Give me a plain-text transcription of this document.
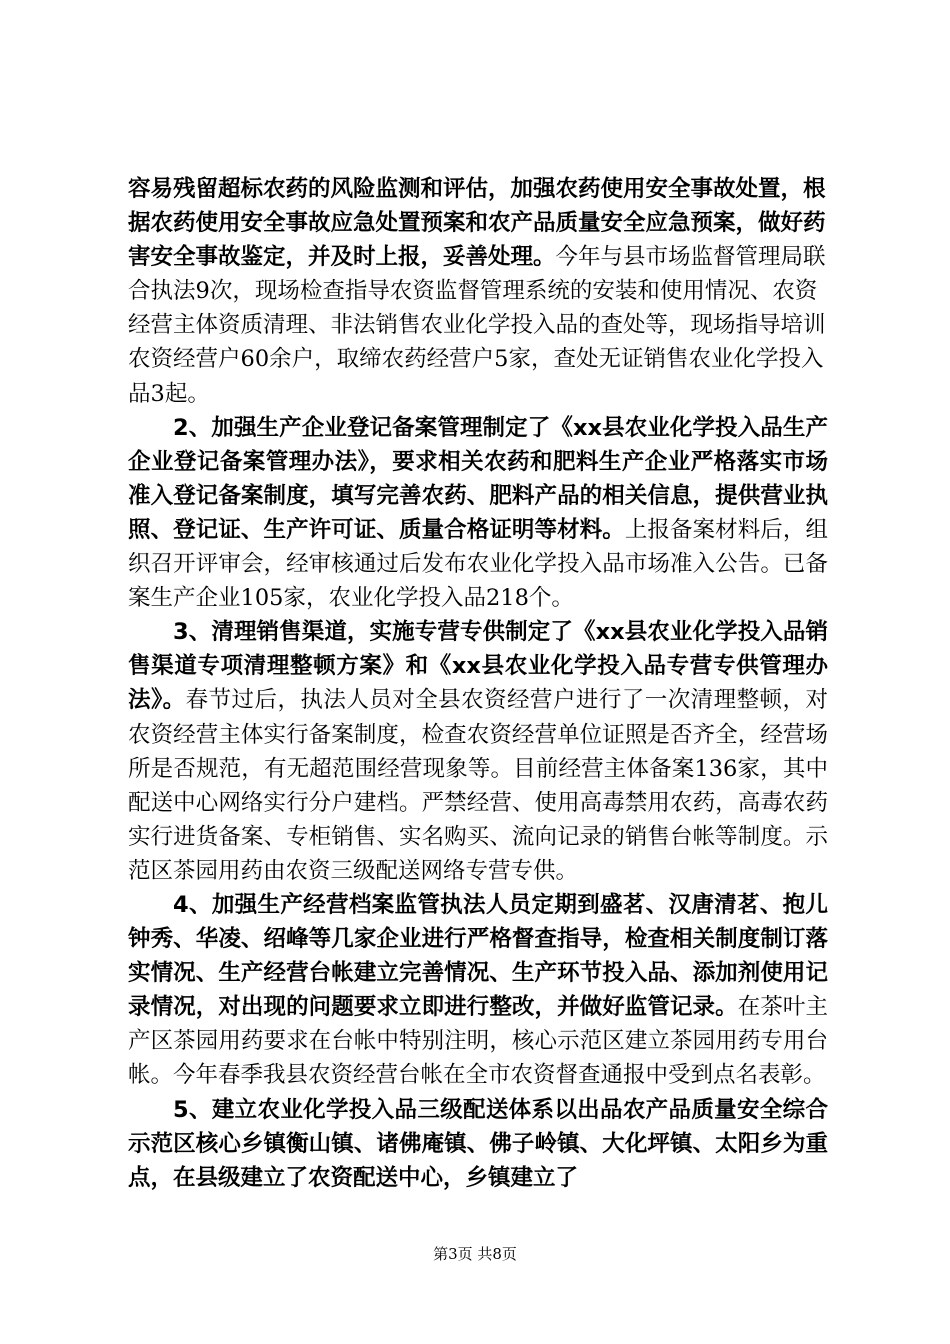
容易残留超标农药的风险监测和评估，加强农药使用安全事故处置，根据农药使用安全事故应急处置预案和农产品质量安全应急预案，做好药害安全事故鉴定，并及时上报，妥善处理。今年与县市场监督管理局联合执法9次，现场检查指导农资监督管理系统的安装和使用情况、农资经营主体资质清理、非法销售农业化学投入品的查处等，现场指导培训农资经营户60余户，取缔农药经营户5家，查处无证销售农业化学投入品3起。

2、加强生产企业登记备案管理制定了《xx县农业化学投入品生产企业登记备案管理办法》，要求相关农药和肥料生产企业严格落实市场准入登记备案制度，填写完善农药、肥料产品的相关信息，提供营业执照、登记证、生产许可证、质量合格证明等材料。上报备案材料后，组织召开评审会，经审核通过后发布农业化学投入品市场准入公告。已备案生产企业105家，农业化学投入品218个。

3、清理销售渠道，实施专营专供制定了《xx县农业化学投入品销售渠道专项清理整顿方案》和《xx县农业化学投入品专营专供管理办法》。春节过后，执法人员对全县农资经营户进行了一次清理整顿，对农资经营主体实行备案制度，检查农资经营单位证照是否齐全，经营场所是否规范，有无超范围经营现象等。目前经营主体备案136家，其中配送中心网络实行分户建档。严禁经营、使用高毒禁用农药，高毒农药实行进货备案、专柜销售、实名购买、流向记录的销售台帐等制度。示范区茶园用药由农资三级配送网络专营专供。

4、加强生产经营档案监管执法人员定期到盛茗、汉唐清茗、抱儿钟秀、华凌、绍峰等几家企业进行严格督查指导，检查相关制度制订落实情况、生产经营台帐建立完善情况、生产环节投入品、添加剂使用记录情况，对出现的问题要求立即进行整改，并做好监管记录。在茶叶主产区茶园用药要求在台帐中特别注明，核心示范区建立茶园用药专用台帐。今年春季我县农资经营台帐在全市农资督查通报中受到点名表彰。

5、建立农业化学投入品三级配送体系以出品农产品质量安全综合示范区核心乡镇衡山镇、诸佛庵镇、佛子岭镇、大化坪镇、太阳乡为重点，在县级建立了农资配送中心，乡镇建立了

第3页 共8页
